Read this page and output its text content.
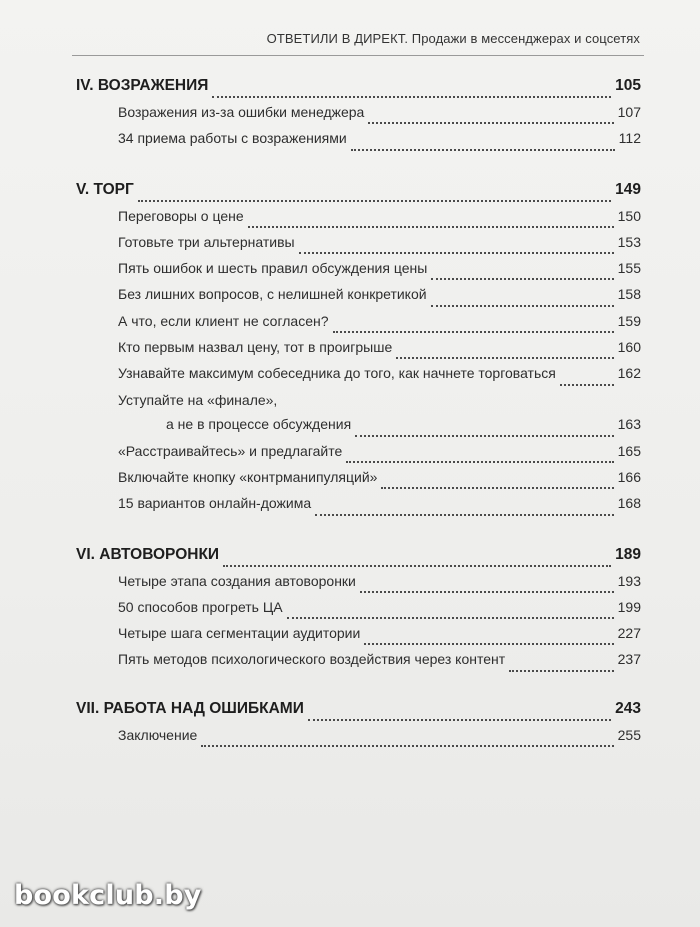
ОТВЕТИЛИ В ДИРЕКТ. Продажи в мессенджерах и соцсетях
IV. ВОЗРАЖЕНИЯ	105
Возражения из-за ошибки менеджера	107
34 приема работы с возражениями	112
V. ТОРГ	149
Переговоры о цене	150
Готовьте три альтернативы	153
Пять ошибок и шесть правил обсуждения цены	155
Без лишних вопросов, с нелишней конкретикой	158
А что, если клиент не согласен?	159
Кто первым назвал цену, тот в проигрыше	160
Узнавайте максимум собеседника до того, как начнете торговаться	162
Уступайте на «финале»,
а не в процессе обсуждения	163
«Расстраивайтесь» и предлагайте	165
Включайте кнопку «контрманипуляций»	166
15 вариантов онлайн-дожима	168
VI. АВТОВОРОНКИ	189
Четыре этапа создания автоворонки	193
50 способов прогреть ЦА	199
Четыре шага сегментации аудитории	227
Пять методов психологического воздействия через контент	237
VII. РАБОТА НАД ОШИБКАМИ	243
Заключение	255
bookclub.by
